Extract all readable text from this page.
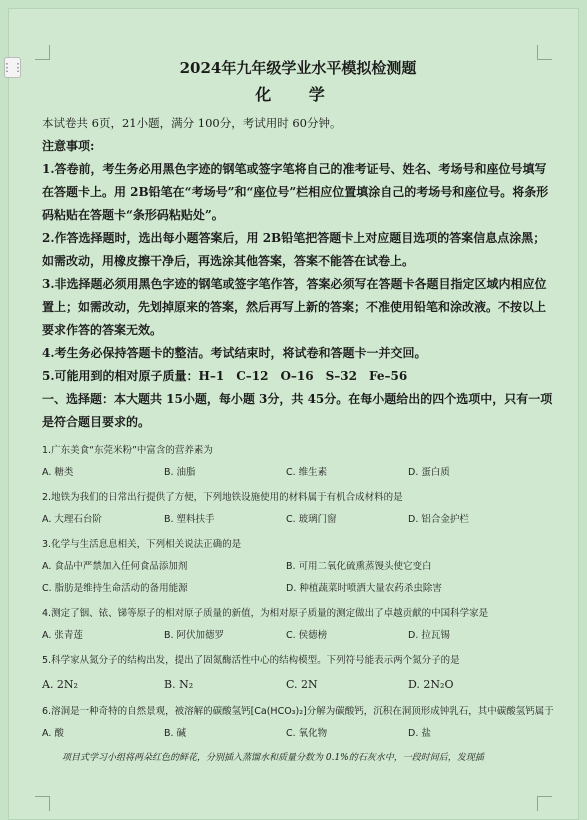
⋮⋮	2024年九年级学业水平模拟检测题

化 学

本试卷共 6页，21小题，满分 100分，考试用时 60分钟。

注意事项:

1.答卷前，考生务必用黑色字迹的钢笔或签字笔将自己的准考证号、姓名、考场号和座位号填写在答题卡上。用 2B铅笔在“考场号”和“座位号”栏相应位置填涂自己的考场号和座位号。将条形码粘贴在答题卡“条形码粘贴处”。

2.作答选择题时，选出每小题答案后，用 2B铅笔把答题卡上对应题目选项的答案信息点涂黑；如需改动，用橡皮擦干净后，再选涂其他答案，答案不能答在试卷上。

3.非选择题必须用黑色字迹的钢笔或签字笔作答，答案必须写在答题卡各题目指定区域内相应位置上；如需改动，先划掉原来的答案，然后再写上新的答案；不准使用铅笔和涂改液。不按以上要求作答的答案无效。

4.考生务必保持答题卡的整洁。考试结束时，将试卷和答题卡一并交回。

5.可能用到的相对原子质量：H–1　C–12　O–16　S–32　Fe–56

一、选择题：本大题共 15小题，每小题 3分，共 45分。在每小题给出的四个选项中，只有一项是符合题目要求的。

1.广东美食“东莞米粉”中富含的营养素为

A. 糖类	B. 油脂	C. 维生素	D. 蛋白质

2.地铁为我们的日常出行提供了方便，下列地铁设施使用的材料属于有机合成材料的是

A. 大理石台阶	B. 塑料扶手	C. 玻璃门窗	D. 铝合金护栏

3.化学与生活息息相关，下列相关说法正确的是

A. 食品中严禁加入任何食品添加剂	B. 可用二氧化硫熏蒸馒头使它变白
C. 脂肪是维持生命活动的备用能源	D. 种植蔬菜时喷洒大量农药杀虫除害

4.测定了铟、铱、锑等原子的相对原子质量的新值，为相对原子质量的测定做出了卓越贡献的中国科学家是

A. 张青莲	B. 阿伏加德罗	C. 侯德榜	D. 拉瓦锡

5.科学家从氮分子的结构出发，提出了固氮酶活性中心的结构模型。下列符号能表示两个氮分子的是

A. 2N₂	B. N₂	C. 2N	D. 2N₂O

6.溶洞是一种奇特的自然景观，被溶解的碳酸氢钙[Ca(HCO₃)₂]分解为碳酸钙，沉积在洞顶形成钟乳石，其中碳酸氢钙属于

A. 酸	B. 碱	C. 氧化物	D. 盐

项目式学习小组将两朵红色的鲜花，分别插入蒸馏水和质量分数为 0.1%的石灰水中，一段时间后，发现插
